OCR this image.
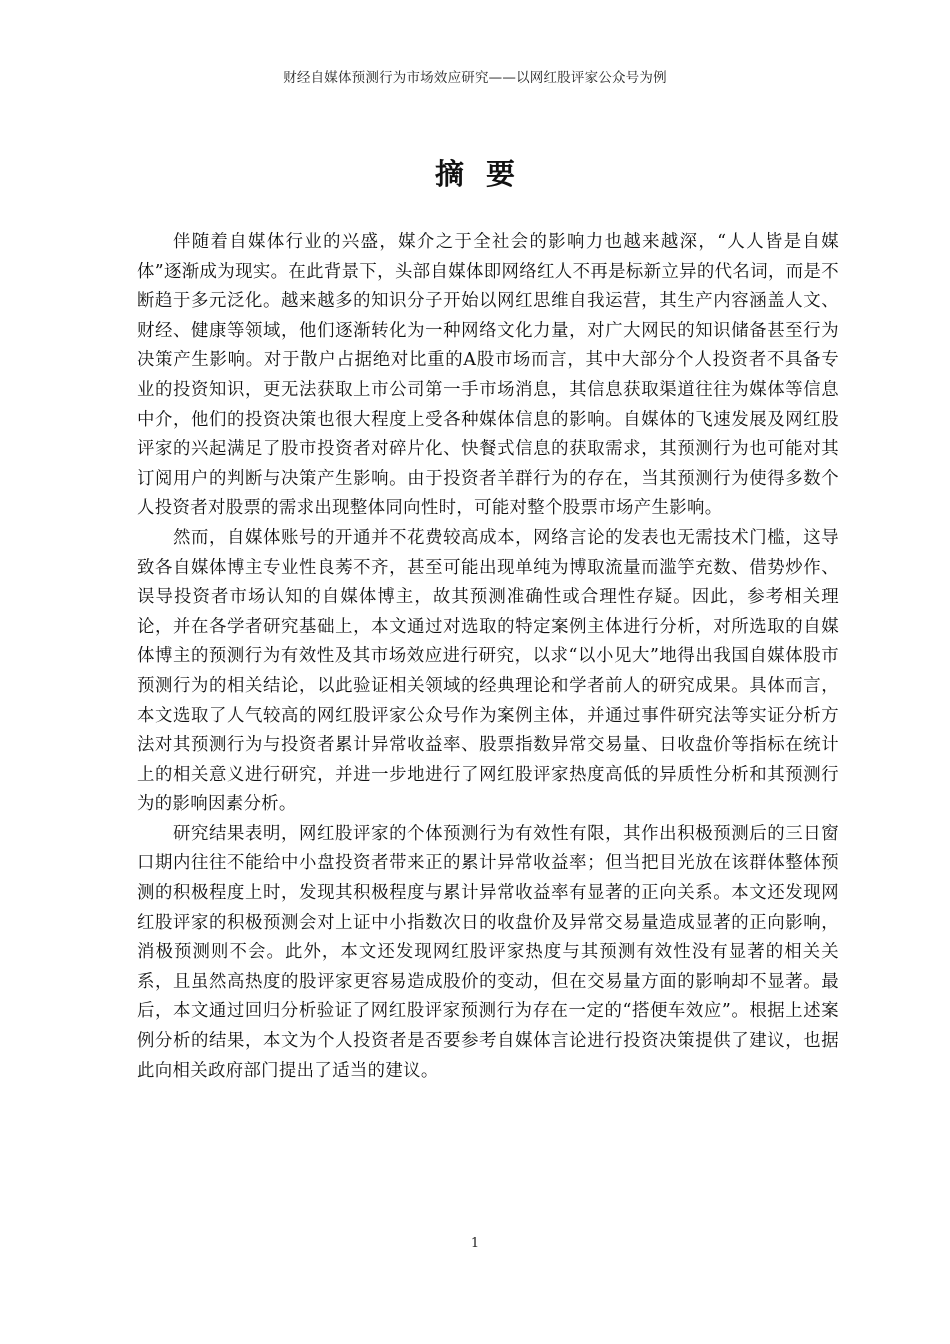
财经自媒体预测行为市场效应研究——以网红股评家公众号为例
摘 要

伴随着自媒体行业的兴盛，媒介之于全社会的影响力也越来越深，“人人皆是自媒体”逐渐成为现实。在此背景下，头部自媒体即网络红人不再是标新立异的代名词，而是不断趋于多元泛化。越来越多的知识分子开始以网红思维自我运营，其生产内容涵盖人文、财经、健康等领域，他们逐渐转化为一种网络文化力量，对广大网民的知识储备甚至行为决策产生影响。对于散户占据绝对比重的A股市场而言，其中大部分个人投资者不具备专业的投资知识，更无法获取上市公司第一手市场消息，其信息获取渠道往往为媒体等信息中介，他们的投资决策也很大程度上受各种媒体信息的影响。自媒体的飞速发展及网红股评家的兴起满足了股市投资者对碎片化、快餐式信息的获取需求，其预测行为也可能对其订阅用户的判断与决策产生影响。由于投资者羊群行为的存在，当其预测行为使得多数个人投资者对股票的需求出现整体同向性时，可能对整个股票市场产生影响。

然而，自媒体账号的开通并不花费较高成本，网络言论的发表也无需技术门槛，这导致各自媒体博主专业性良莠不齐，甚至可能出现单纯为博取流量而滥竽充数、借势炒作、误导投资者市场认知的自媒体博主，故其预测准确性或合理性存疑。因此，参考相关理论，并在各学者研究基础上，本文通过对选取的特定案例主体进行分析，对所选取的自媒体博主的预测行为有效性及其市场效应进行研究，以求“以小见大”地得出我国自媒体股市预测行为的相关结论，以此验证相关领域的经典理论和学者前人的研究成果。具体而言，本文选取了人气较高的网红股评家公众号作为案例主体，并通过事件研究法等实证分析方法对其预测行为与投资者累计异常收益率、股票指数异常交易量、日收盘价等指标在统计上的相关意义进行研究，并进一步地进行了网红股评家热度高低的异质性分析和其预测行为的影响因素分析。

研究结果表明，网红股评家的个体预测行为有效性有限，其作出积极预测后的三日窗口期内往往不能给中小盘投资者带来正的累计异常收益率；但当把目光放在该群体整体预测的积极程度上时，发现其积极程度与累计异常收益率有显著的正向关系。本文还发现网红股评家的积极预测会对上证中小指数次日的收盘价及异常交易量造成显著的正向影响，消极预测则不会。此外，本文还发现网红股评家热度与其预测有效性没有显著的相关关系，且虽然高热度的股评家更容易造成股价的变动，但在交易量方面的影响却不显著。最后，本文通过回归分析验证了网红股评家预测行为存在一定的“搭便车效应”。根据上述案例分析的结果，本文为个人投资者是否要参考自媒体言论进行投资决策提供了建议，也据此向相关政府部门提出了适当的建议。

1
